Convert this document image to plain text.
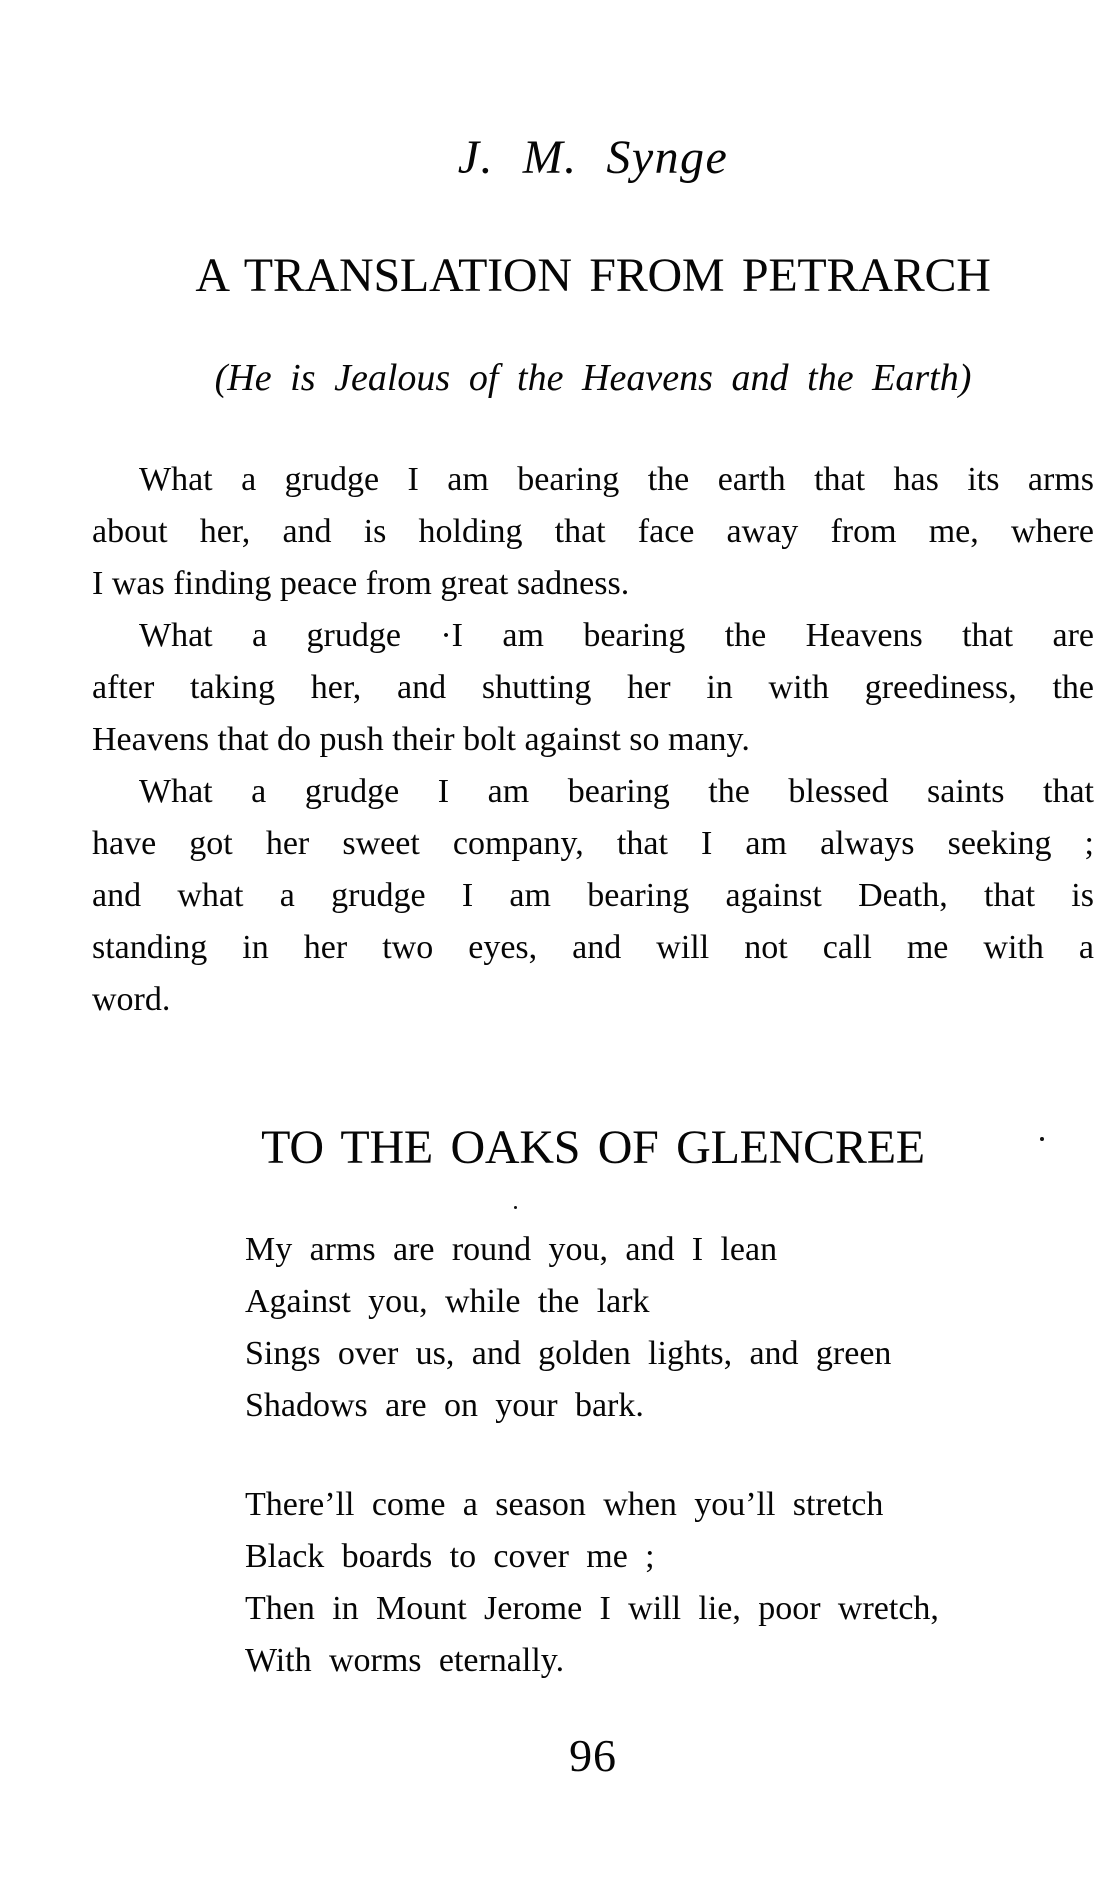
J. M. Synge
A TRANSLATION FROM PETRARCH
(He is Jealous of the Heavens and the Earth)
What a grudge I am bearing the earth that has its arms
about her, and is holding that face away from me, where
I was finding peace from great sadness.
What a grudge ·I am bearing the Heavens that are
after taking her, and shutting her in with greediness, the
Heavens that do push their bolt against so many.
What a grudge I am bearing the blessed saints that
have got her sweet company, that I am always seeking ;
and what a grudge I am bearing against Death, that is
standing in her two eyes, and will not call me with a
word.
TO THE OAKS OF GLENCREE
My arms are round you, and I lean
Against you, while the lark
Sings over us, and golden lights, and green
Shadows are on your bark.
There’ll come a season when you’ll stretch
Black boards to cover me ;
Then in Mount Jerome I will lie, poor wretch,
With worms eternally.
96
